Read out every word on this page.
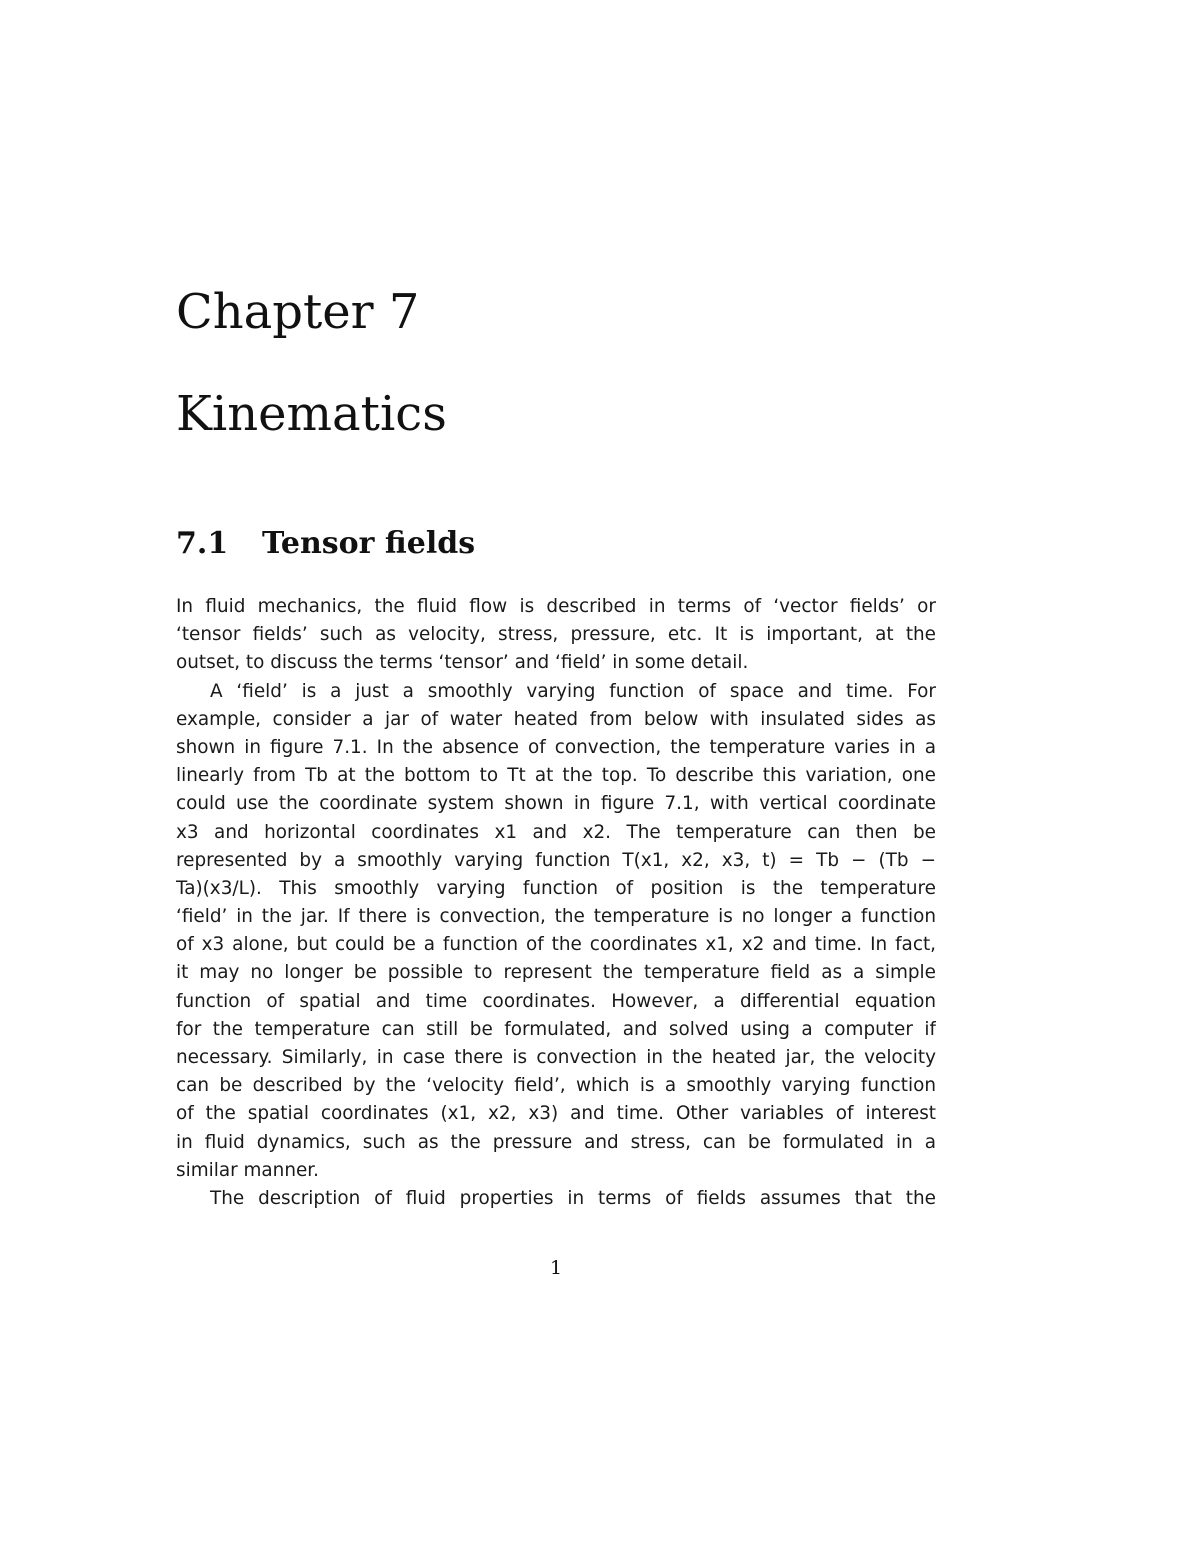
Chapter 7
Kinematics
7.1 Tensor fields
In fluid mechanics, the fluid flow is described in terms of ‘vector fields’ or
‘tensor fields’ such as velocity, stress, pressure, etc. It is important, at the
outset, to discuss the terms ‘tensor’ and ‘field’ in some detail.
A ‘field’ is a just a smoothly varying function of space and time. For
example, consider a jar of water heated from below with insulated sides as
shown in figure 7.1. In the absence of convection, the temperature varies in a
linearly from Tb at the bottom to Tt at the top. To describe this variation, one
could use the coordinate system shown in figure 7.1, with vertical coordinate
x3 and horizontal coordinates x1 and x2. The temperature can then be
represented by a smoothly varying function T(x1, x2, x3, t) = Tb − (Tb −
Ta)(x3/L). This smoothly varying function of position is the temperature
‘field’ in the jar. If there is convection, the temperature is no longer a function
of x3 alone, but could be a function of the coordinates x1, x2 and time. In fact,
it may no longer be possible to represent the temperature field as a simple
function of spatial and time coordinates. However, a differential equation
for the temperature can still be formulated, and solved using a computer if
necessary. Similarly, in case there is convection in the heated jar, the velocity
can be described by the ‘velocity field’, which is a smoothly varying function
of the spatial coordinates (x1, x2, x3) and time. Other variables of interest
in fluid dynamics, such as the pressure and stress, can be formulated in a
similar manner.
The description of fluid properties in terms of fields assumes that the
1
